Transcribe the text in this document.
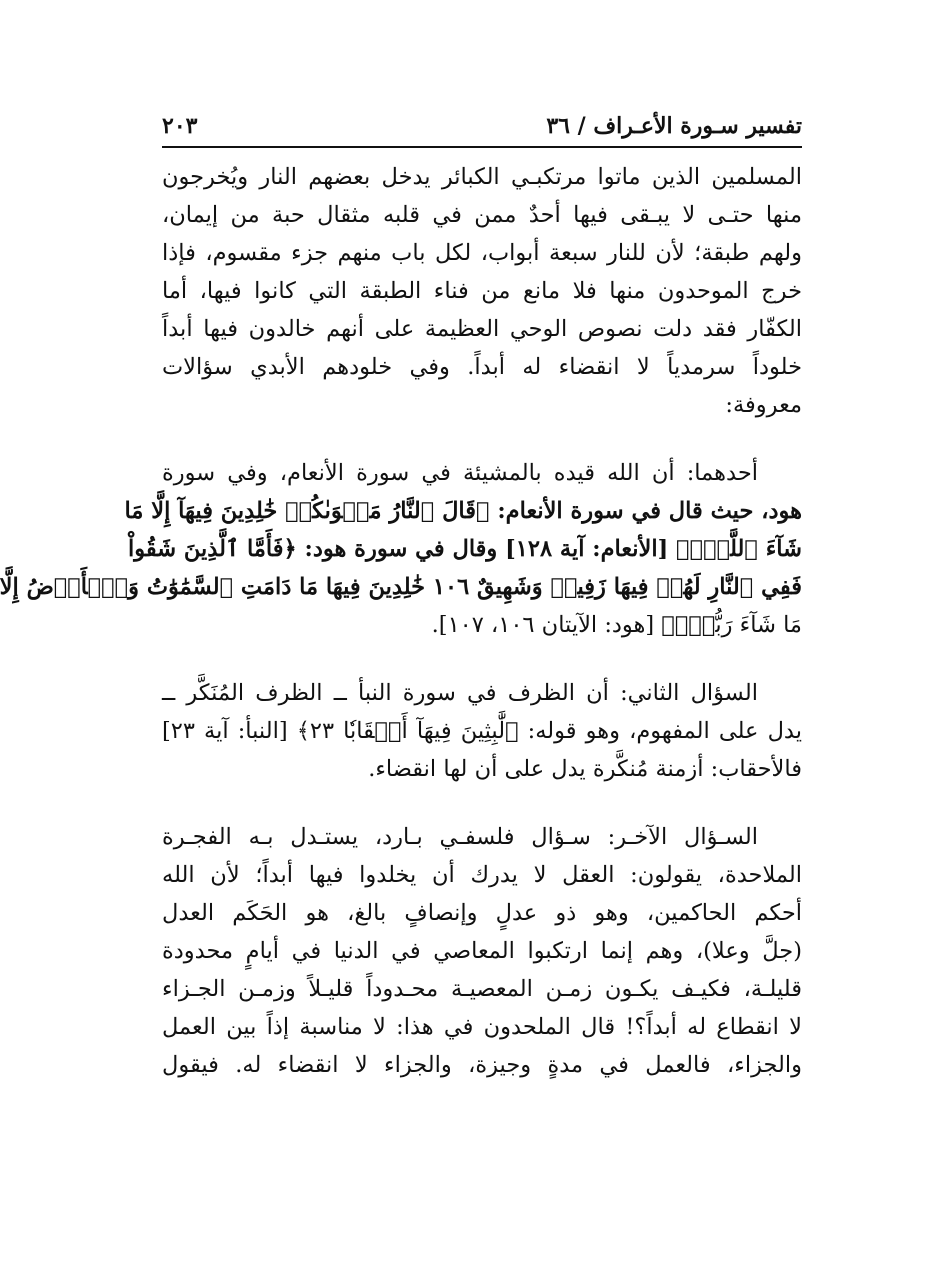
تفسير سـورة الأعـراف / ٣٦
٢٠٣
المسلمين الذين ماتوا مرتكبـي الكبائر يدخل بعضهم النار ويُخرجون
منها حتـى لا يبـقى فيها أحدٌ ممن في قلبه مثقال حبة من إيمان،
ولهم طبقة؛ لأن للنار سبعة أبواب، لكل باب منهم جزء مقسوم، فإذا
خرج الموحدون منها فلا مانع من فناء الطبقة التي كانوا فيها، أما
الكفّار فقد دلت نصوص الوحي العظيمة على أنهم خالدون فيها أبداً
خلوداً سرمدياً لا انقضاء له أبداً. وفي خلودهم الأبدي سؤالات
معروفة:
أحدهما: أن الله قيده بالمشيئة في سورة الأنعام، وفي سورة
هود، حيث قال في سورة الأنعام: ﴿قَالَ ٱلنَّارُ مَثۡوَىٰكُمۡ خَٰلِدِينَ فِيهَآ إِلَّا مَا
شَآءَ ٱللَّهُۚ﴾ [الأنعام: آية ١٢٨] وقال في سورة هود: ﴿فَأَمَّا ٱلَّذِينَ شَقُواْ
فَفِي ٱلنَّارِ لَهُمۡ فِيهَا زَفِيرٞ وَشَهِيقٌ ١٠٦ خَٰلِدِينَ فِيهَا مَا دَامَتِ ٱلسَّمَٰوَٰتُ وَٱلۡأَرۡضُ إِلَّا
مَا شَآءَ رَبُّكَۚ﴾ [هود: الآيتان ١٠٦، ١٠٧].
السؤال الثاني: أن الظرف في سورة النبأ ــ الظرف المُنَكَّر ــ
يدل على المفهوم، وهو قوله: ﴿لَّٰبِثِينَ فِيهَآ أَحۡقَابٗا ٢٣﴾ [النبأ: آية ٢٣]
فالأحقاب: أزمنة مُنكَّرة يدل على أن لها انقضاء.
السـؤال الآخـر: سـؤال فلسفـي بـارد، يستـدل بـه الفجـرة
الملاحدة، يقولون: العقل لا يدرك أن يخلدوا فيها أبداً؛ لأن الله
أحكم الحاكمين، وهو ذو عدلٍ وإنصافٍ بالغ، هو الحَكَم العدل
(جلَّ وعلا)، وهم إنما ارتكبوا المعاصي في الدنيا في أيامٍ محدودة
قليلـة، فكيـف يكـون زمـن المعصيـة محـدوداً قليـلاً وزمـن الجـزاء
لا انقطاع له أبداً؟! قال الملحدون في هذا: لا مناسبة إذاً بين العمل
والجزاء، فالعمل في مدةٍ وجيزة، والجزاء لا انقضاء له. فيقول
